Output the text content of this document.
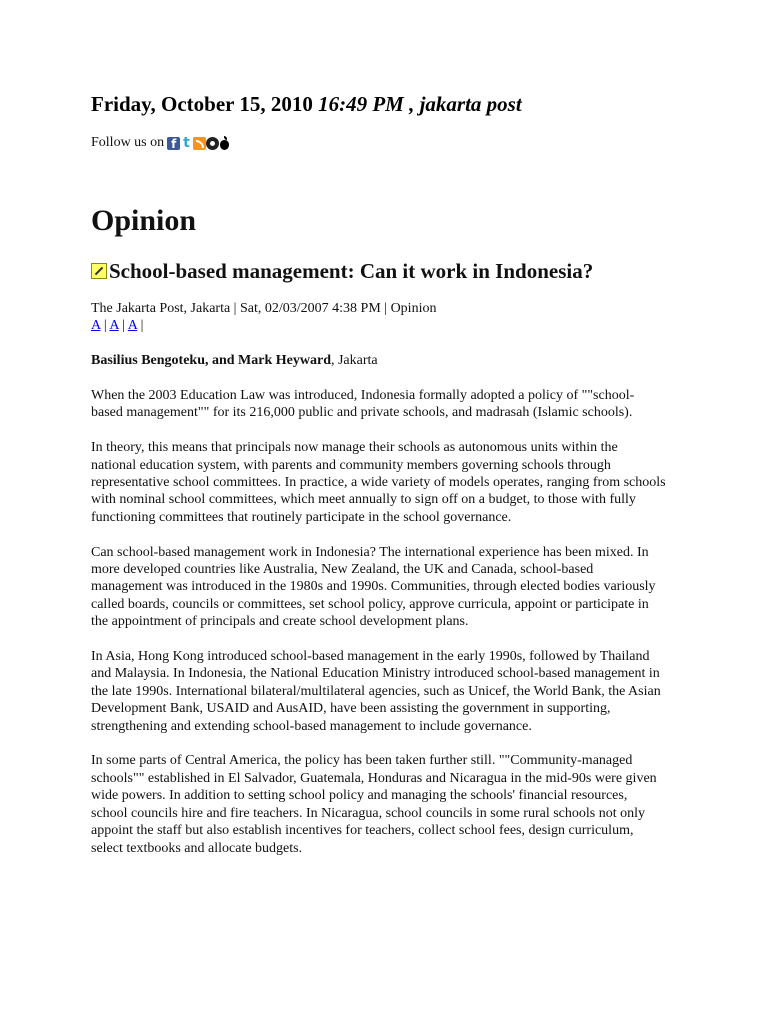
Friday, October 15, 2010 16:49 PM , jakarta post
Follow us on
f
t
Opinion
School-based management: Can it work in Indonesia?
The Jakarta Post, Jakarta | Sat, 02/03/2007 4:38 PM | Opinion
A | A | A |
Basilius Bengoteku, and Mark Heyward, Jakarta

When the 2003 Education Law was introduced, Indonesia formally adopted a policy of ""school-based management"" for its 216,000 public and private schools, and madrasah (Islamic schools).

In theory, this means that principals now manage their schools as autonomous units within the national education system, with parents and community members governing schools through representative school committees. In practice, a wide variety of models operates, ranging from schools with nominal school committees, which meet annually to sign off on a budget, to those with fully functioning committees that routinely participate in the school governance.

Can school-based management work in Indonesia? The international experience has been mixed. In more developed countries like Australia, New Zealand, the UK and Canada, school-based management was introduced in the 1980s and 1990s. Communities, through elected bodies variously called boards, councils or committees, set school policy, approve curricula, appoint or participate in the appointment of principals and create school development plans.

In Asia, Hong Kong introduced school-based management in the early 1990s, followed by Thailand and Malaysia. In Indonesia, the National Education Ministry introduced school-based management in the late 1990s. International bilateral/multilateral agencies, such as Unicef, the World Bank, the Asian Development Bank, USAID and AusAID, have been assisting the government in supporting, strengthening and extending school-based management to include governance.

In some parts of Central America, the policy has been taken further still. ""Community-managed schools"" established in El Salvador, Guatemala, Honduras and Nicaragua in the mid-90s were given wide powers. In addition to setting school policy and managing the schools' financial resources, school councils hire and fire teachers. In Nicaragua, school councils in some rural schools not only appoint the staff but also establish incentives for teachers, collect school fees, design curriculum, select textbooks and allocate budgets.
